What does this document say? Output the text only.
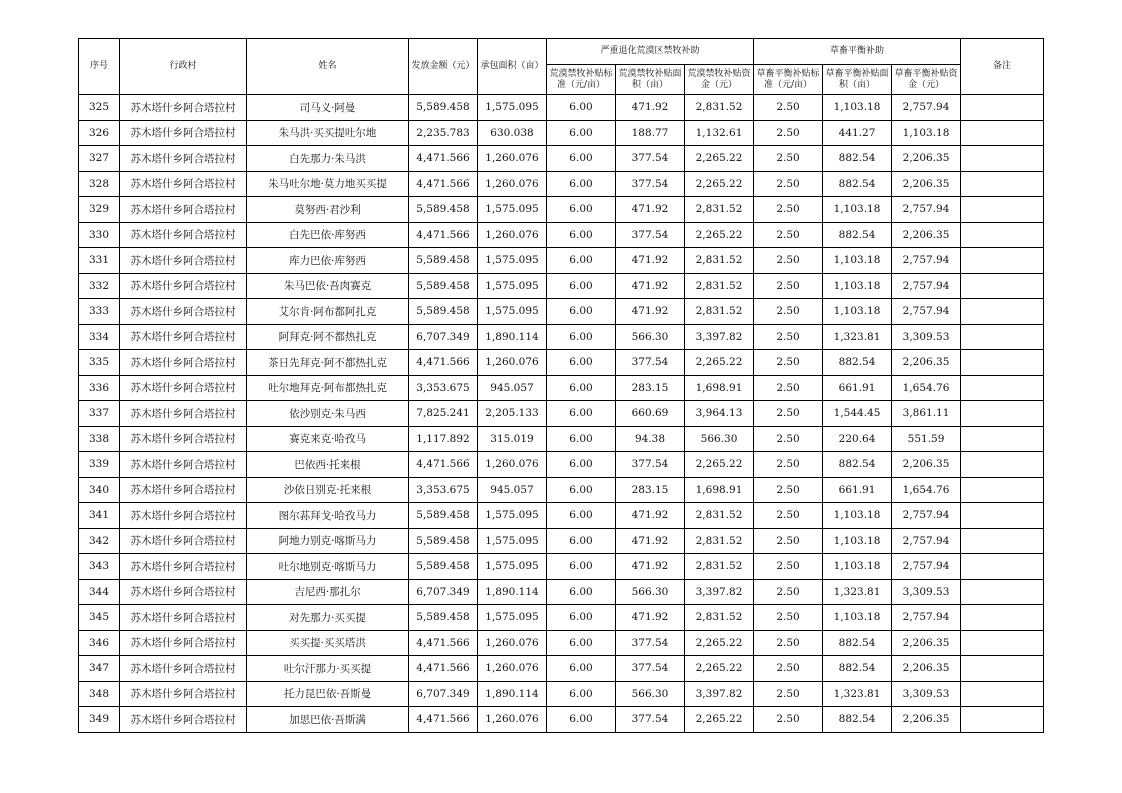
序号	行政村	姓名	发放金额（元）	承包面积（亩）	严重退化荒漠区禁牧补助			草畜平衡补助			备注
					荒漠禁牧补贴标准（元/亩）	荒漠禁牧补贴面积（亩）	荒漠禁牧补贴资金（元）	草畜平衡补贴标准（元/亩）	草畜平衡补贴面积（亩）	草畜平衡补贴资金（元）	
325	苏木塔什乡阿合塔拉村	司马义·阿曼	5,589.458	1,575.095	6.00	471.92	2,831.52	2.50	1,103.18	2,757.94	
326	苏木塔什乡阿合塔拉村	朱马洪·买买提吐尔地	2,235.783	630.038	6.00	188.77	1,132.61	2.50	441.27	1,103.18	
327	苏木塔什乡阿合塔拉村	白先那力·朱马洪	4,471.566	1,260.076	6.00	377.54	2,265.22	2.50	882.54	2,206.35	
328	苏木塔什乡阿合塔拉村	朱马吐尔地·莫力地买买提	4,471.566	1,260.076	6.00	377.54	2,265.22	2.50	882.54	2,206.35	
329	苏木塔什乡阿合塔拉村	莫努西·君沙利	5,589.458	1,575.095	6.00	471.92	2,831.52	2.50	1,103.18	2,757.94	
330	苏木塔什乡阿合塔拉村	白先巴依·库努西	4,471.566	1,260.076	6.00	377.54	2,265.22	2.50	882.54	2,206.35	
331	苏木塔什乡阿合塔拉村	库力巴依·库努西	5,589.458	1,575.095	6.00	471.92	2,831.52	2.50	1,103.18	2,757.94	
332	苏木塔什乡阿合塔拉村	朱马巴依·吾肉赛克	5,589.458	1,575.095	6.00	471.92	2,831.52	2.50	1,103.18	2,757.94	
333	苏木塔什乡阿合塔拉村	艾尔肯·阿布都阿扎克	5,589.458	1,575.095	6.00	471.92	2,831.52	2.50	1,103.18	2,757.94	
334	苏木塔什乡阿合塔拉村	阿拜克·阿不都热扎克	6,707.349	1,890.114	6.00	566.30	3,397.82	2.50	1,323.81	3,309.53	
335	苏木塔什乡阿合塔拉村	茶日先拜克·阿不都热扎克	4,471.566	1,260.076	6.00	377.54	2,265.22	2.50	882.54	2,206.35	
336	苏木塔什乡阿合塔拉村	吐尔地拜克·阿布都热扎克	3,353.675	945.057	6.00	283.15	1,698.91	2.50	661.91	1,654.76	
337	苏木塔什乡阿合塔拉村	依沙别克·朱马西	7,825.241	2,205.133	6.00	660.69	3,964.13	2.50	1,544.45	3,861.11	
338	苏木塔什乡阿合塔拉村	赛克来克·哈孜马	1,117.892	315.019	6.00	94.38	566.30	2.50	220.64	551.59	
339	苏木塔什乡阿合塔拉村	巴依西·托来根	4,471.566	1,260.076	6.00	377.54	2,265.22	2.50	882.54	2,206.35	
340	苏木塔什乡阿合塔拉村	沙依日别克·托来根	3,353.675	945.057	6.00	283.15	1,698.91	2.50	661.91	1,654.76	
341	苏木塔什乡阿合塔拉村	图尔荪拜戈·哈孜马力	5,589.458	1,575.095	6.00	471.92	2,831.52	2.50	1,103.18	2,757.94	
342	苏木塔什乡阿合塔拉村	阿地力别克·喀斯马力	5,589.458	1,575.095	6.00	471.92	2,831.52	2.50	1,103.18	2,757.94	
343	苏木塔什乡阿合塔拉村	吐尔地别克·喀斯马力	5,589.458	1,575.095	6.00	471.92	2,831.52	2.50	1,103.18	2,757.94	
344	苏木塔什乡阿合塔拉村	吉尼西·那扎尔	6,707.349	1,890.114	6.00	566.30	3,397.82	2.50	1,323.81	3,309.53	
345	苏木塔什乡阿合塔拉村	对先那力·买买提	5,589.458	1,575.095	6.00	471.92	2,831.52	2.50	1,103.18	2,757.94	
346	苏木塔什乡阿合塔拉村	买买提·买买塔洪	4,471.566	1,260.076	6.00	377.54	2,265.22	2.50	882.54	2,206.35	
347	苏木塔什乡阿合塔拉村	吐尔汗那力·买买提	4,471.566	1,260.076	6.00	377.54	2,265.22	2.50	882.54	2,206.35	
348	苏木塔什乡阿合塔拉村	托力昆巴依·吾斯曼	6,707.349	1,890.114	6.00	566.30	3,397.82	2.50	1,323.81	3,309.53	
349	苏木塔什乡阿合塔拉村	加思巴依·吾斯满	4,471.566	1,260.076	6.00	377.54	2,265.22	2.50	882.54	2,206.35	
